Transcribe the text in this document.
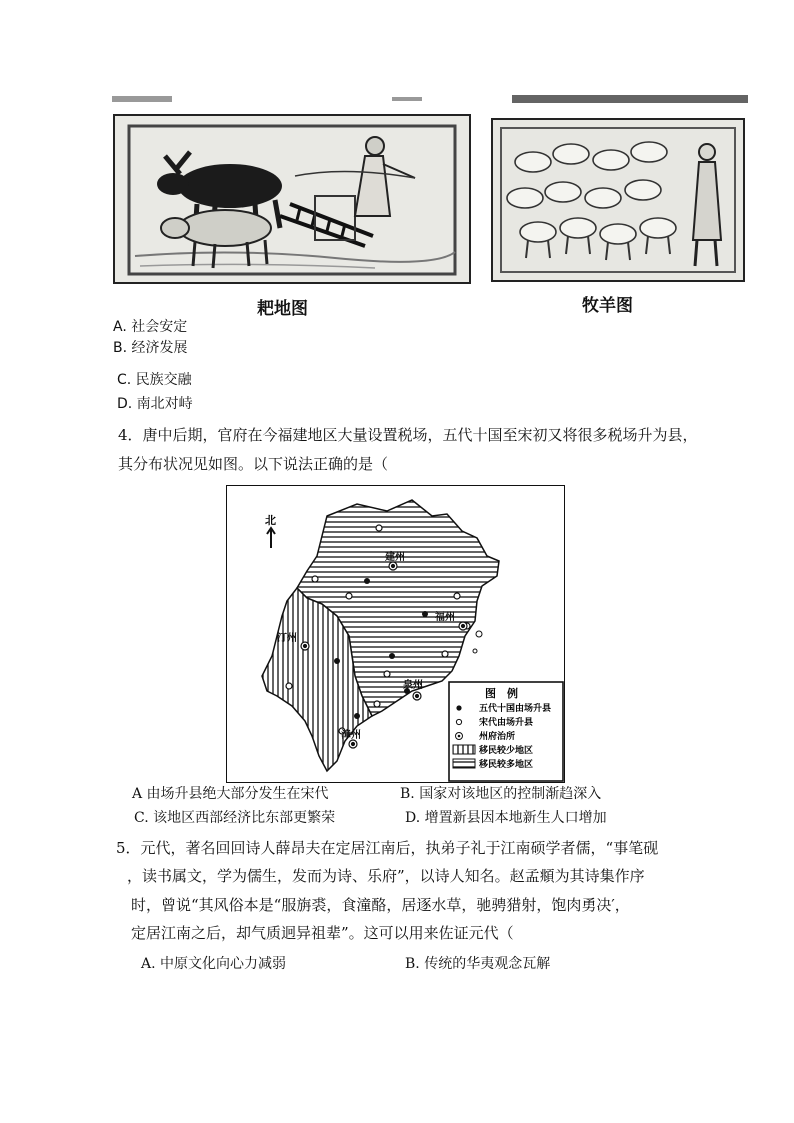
耙地图	牧羊图
A. 社会安定
B. 经济发展
C. 民族交融
D. 南北对峙
4．唐中后期，官府在今福建地区大量设置税场，五代十国至宋初又将很多税场升为县，
其分布状况见如图。以下说法正确的是（
北
建州
福州
汀州
泉州
漳州
图　例
五代十国由场升县
宋代由场升县
州府治所
移民较少地区
移民较多地区
A 由场升县绝大部分发生在宋代	B. 国家对该地区的控制渐趋深入
C. 该地区西部经济比东部更繁荣	D. 增置新县因本地新生人口增加
5．元代，著名回回诗人薛昂夫在定居江南后，执弟子礼于江南硕学者儒，“事笔砚
，读书属文，学为儒生，发而为诗、乐府”，以诗人知名。赵孟頫为其诗集作序
时，曾说“其风俗本是“服旃裘，食潼酪，居逐水草，驰骋猎射，饱肉勇决′，
定居江南之后，却气质迥异祖辈”。这可以用来佐证元代（
A. 中原文化向心力减弱	B. 传统的华夷观念瓦解
